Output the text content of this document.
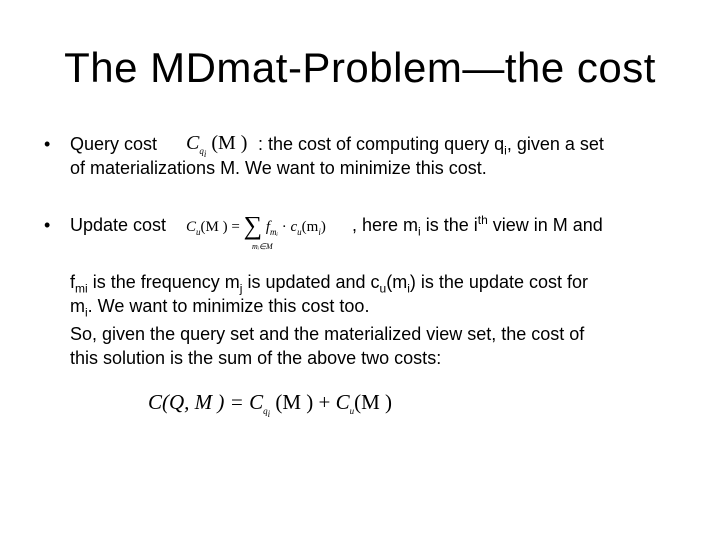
The MDmat-Problem—the cost
• Query cost $C_{q_i}$ (M ) : the cost of computing query $q_i$, given a set
of materializations M. We want to minimize this cost.
• Update cost $C_u(M$ ) = ∑ $f_{mᵢ} \cdot c_u(m_i)$
mᵢ∈M
, here $m_i$ is the $i^{th}$ view in M and
$f_{mi}$ is the frequency $m_j$ is updated and $c_u(m_i)$ is the update cost for
$m_i$. We want to minimize this cost too.
So, given the query set and the materialized view set, the cost of
this solution is the sum of the above two costs:
C(Q, M ) = $C_{q_i}$ (M ) + $C_u(M$ )
